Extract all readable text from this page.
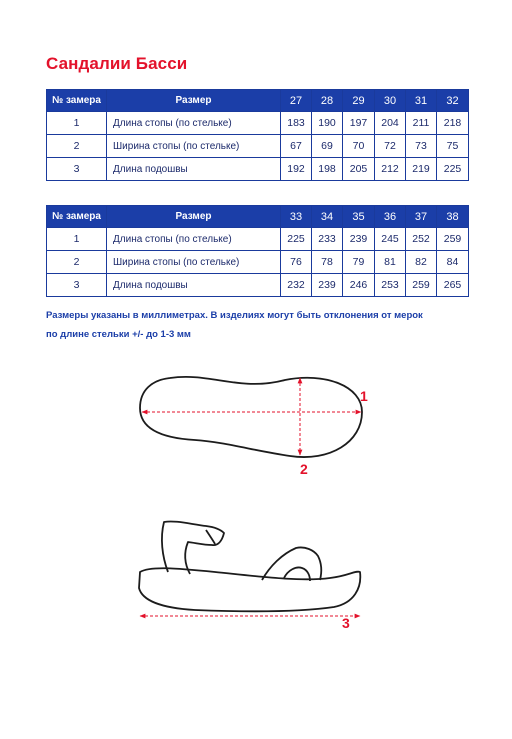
Сандалии Басси
№ замера	Размер	27	28	29	30	31	32
1	Длина стопы (по стельке)	183	190	197	204	211	218
2	Ширина стопы (по стельке)	67	69	70	72	73	75
3	Длина подошвы	192	198	205	212	219	225
№ замера	Размер	33	34	35	36	37	38
1	Длина стопы (по стельке)	225	233	239	245	252	259
2	Ширина стопы (по стельке)	76	78	79	81	82	84
3	Длина подошвы	232	239	246	253	259	265
Размеры указаны в миллиметрах. В изделиях могут быть отклонения от мерок
по длине стельки +/- до 1-3 мм
1
2
3
